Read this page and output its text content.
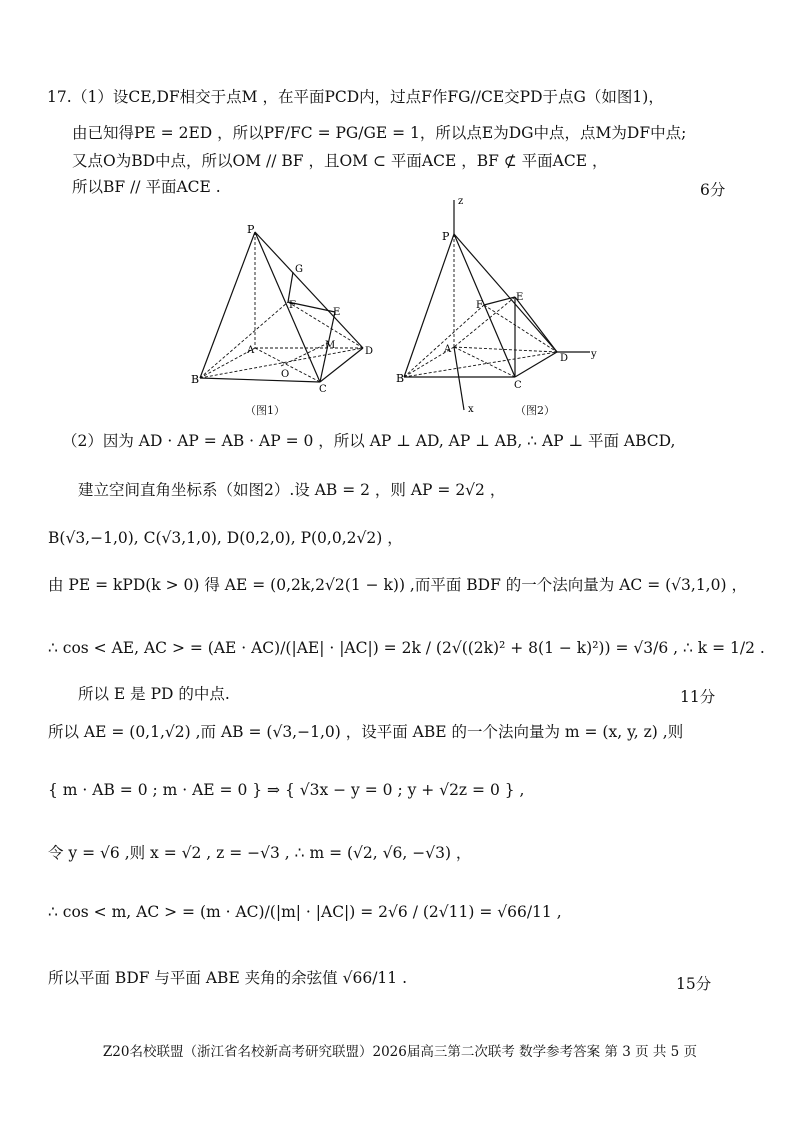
17. （1）设CE,DF相交于点M ，在平面PCD内，过点F作FG//CE交PD于点G（如图1)，
由已知得PE = 2ED ，所以PF/FC = PG/GE = 1，所以点E为DG中点，点M为DF中点;
又点O为BD中点，所以OM // BF ，且OM ⊂ 平面ACE ，BF ⊄ 平面ACE ，
所以BF // 平面ACE .	6分
P
G
F
E
M
A	D
O
B
C
（图1）
z
P
E
F
A
D y
B
C
x	（图2）
（2）因为 AD · AP = AB · AP = 0 ，所以 AP ⊥ AD, AP ⊥ AB, ∴ AP ⊥ 平面 ABCD,
建立空间直角坐标系（如图2）.设 AB = 2 ，则 AP = 2√2 ，
B(√3,−1,0), C(√3,1,0), D(0,2,0), P(0,0,2√2) ，
由 PE = kPD(k > 0) 得 AE = (0,2k,2√2(1 − k)) ,而平面 BDF 的一个法向量为 AC = (√3,1,0) ，
∴ cos < AE, AC > = (AE · AC)/(|AE| · |AC|) = 2k / (2√((2k)² + 8(1 − k)²)) = √3/6 , ∴ k = 1/2 .
所以 E 是 PD 的中点.	11分
所以 AE = (0,1,√2) ,而 AB = (√3,−1,0) ，设平面 ABE 的一个法向量为 m = (x, y, z) ,则
{ m · AB = 0 ; m · AE = 0 } ⇒ { √3x − y = 0 ; y + √2z = 0 } ,
令 y = √6 ,则 x = √2 , z = −√3 , ∴ m = (√2, √6, −√3) ，
∴ cos < m, AC > = (m · AC)/(|m| · |AC|) = 2√6 / (2√11) = √66/11 ,
所以平面 BDF 与平面 ABE 夹角的余弦值 √66/11 .	15分
Z20名校联盟（浙江省名校新高考研究联盟）2026届高三第二次联考 数学参考答案 第 3 页 共 5 页
